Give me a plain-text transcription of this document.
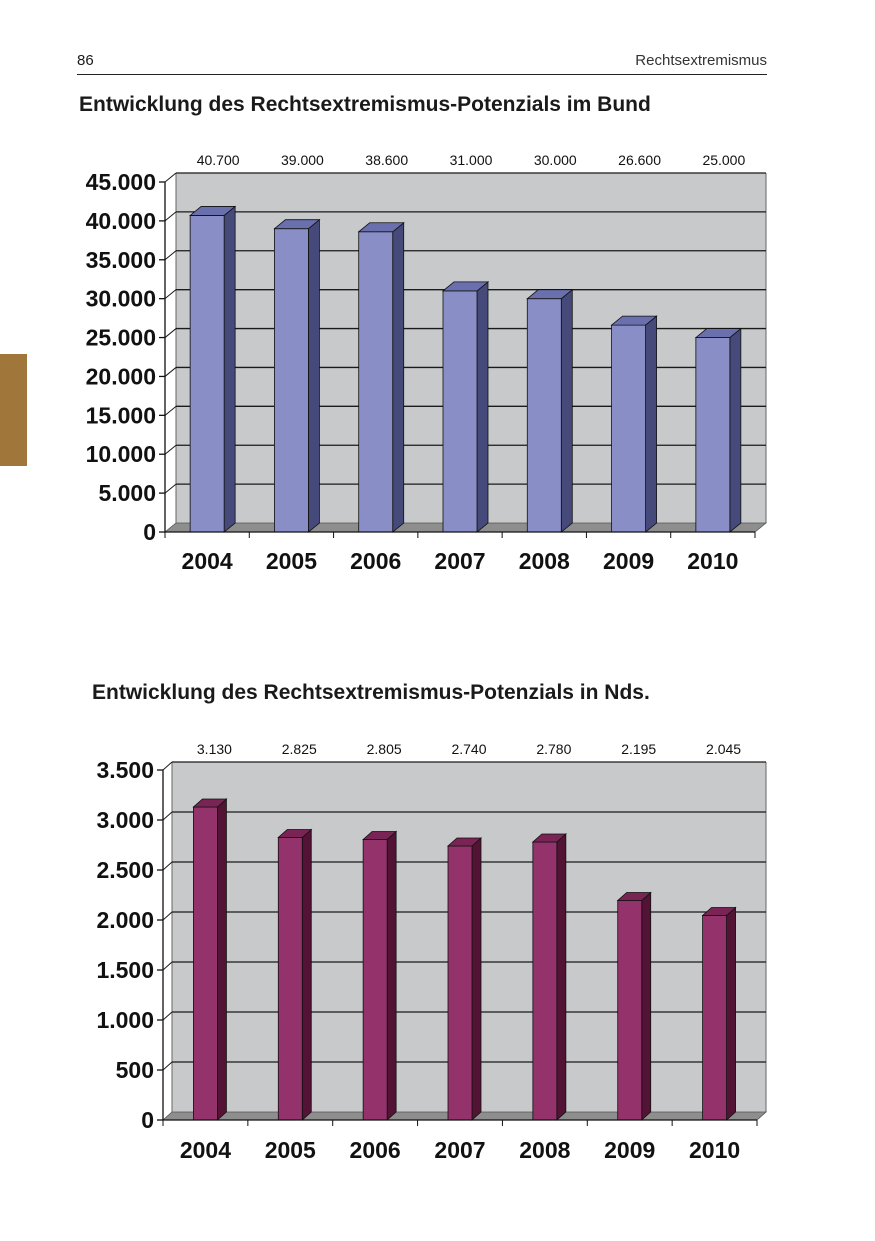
86	Rechtsextremismus
Entwicklung des Rechtsextremismus-Potenzials im Bund
40.700
2004
39.000
2005
38.600
2006
31.000
2007
30.000
2008
26.600
2009
25.000
2010
0
5.000
10.000
15.000
20.000
25.000
30.000
35.000
40.000
45.000
Entwicklung des Rechtsextremismus-Potenzials in Nds.
3.130
2004
2.825
2005
2.805
2006
2.740
2007
2.780
2008
2.195
2009
2.045
2010
0
500
1.000
1.500
2.000
2.500
3.000
3.500
